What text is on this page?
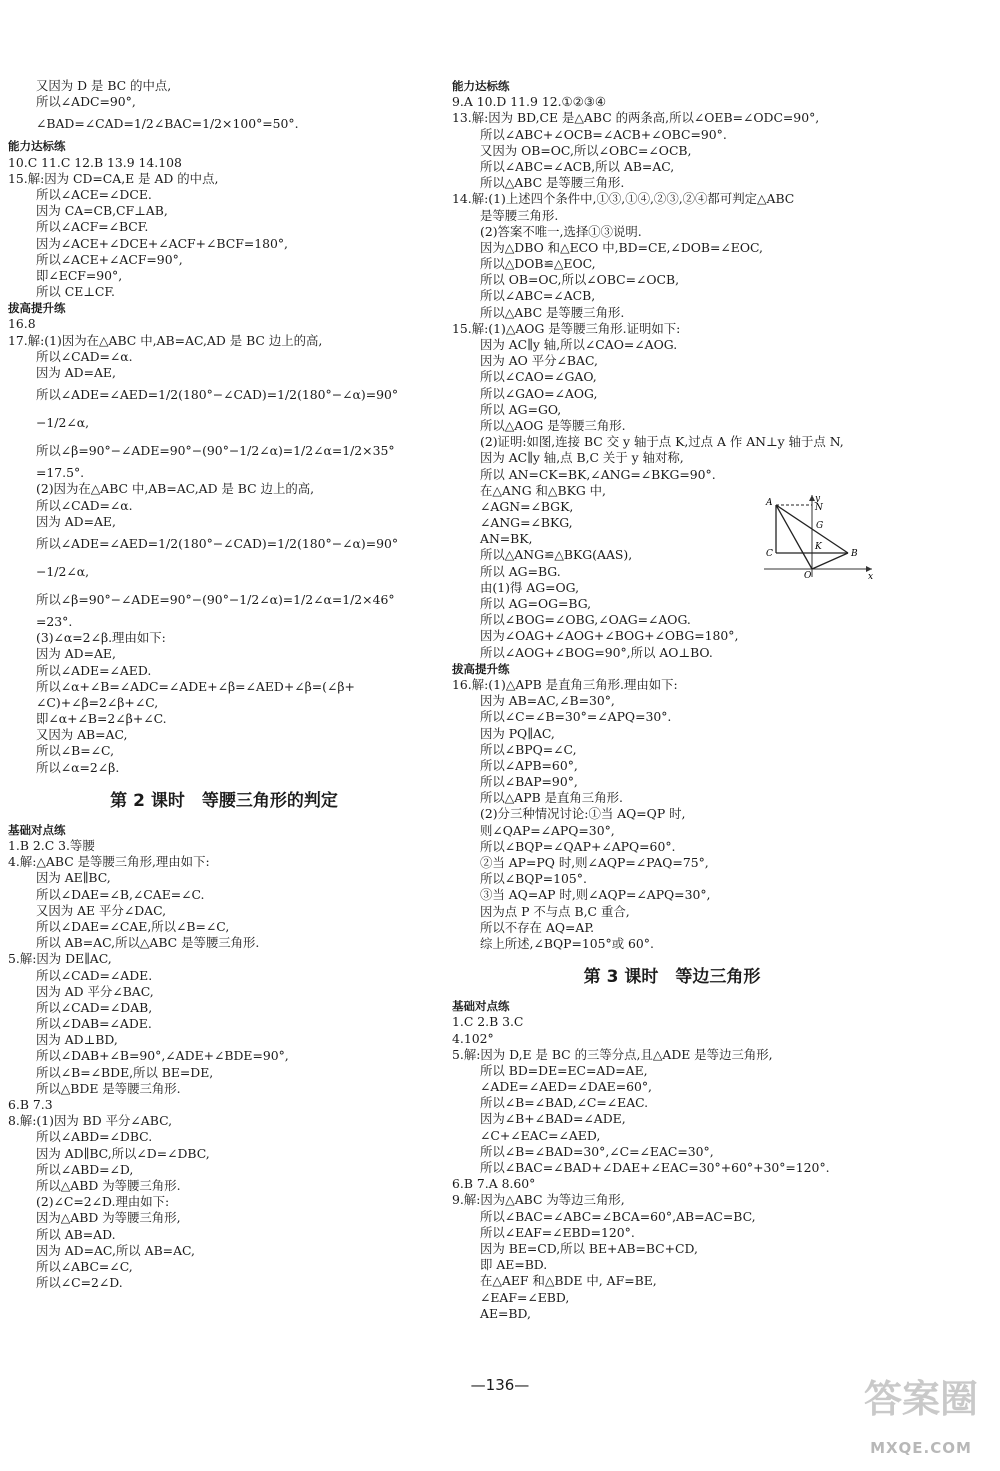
又因为 D 是 BC 的中点,
所以∠ADC=90°,
∠BAD=∠CAD=1/2∠BAC=1/2×100°=50°.
能力达标练
10.C 11.C 12.B 13.9 14.108
15.解:因为 CD=CA,E 是 AD 的中点,
所以∠ACE=∠DCE.
因为 CA=CB,CF⊥AB,
所以∠ACF=∠BCF.
因为∠ACE+∠DCE+∠ACF+∠BCF=180°,
所以∠ACE+∠ACF=90°,
即∠ECF=90°,
所以 CE⊥CF.
拔高提升练
16.8
17.解:(1)因为在△ABC 中,AB=AC,AD 是 BC 边上的高,
所以∠CAD=∠α.
因为 AD=AE,
所以∠ADE=∠AED=1/2(180°−∠CAD)=1/2(180°−∠α)=90°
−1/2∠α,
所以∠β=90°−∠ADE=90°−(90°−1/2∠α)=1/2∠α=1/2×35°
=17.5°.
(2)因为在△ABC 中,AB=AC,AD 是 BC 边上的高,
所以∠CAD=∠α.
因为 AD=AE,
所以∠ADE=∠AED=1/2(180°−∠CAD)=1/2(180°−∠α)=90°
−1/2∠α,
所以∠β=90°−∠ADE=90°−(90°−1/2∠α)=1/2∠α=1/2×46°
=23°.
(3)∠α=2∠β.理由如下:
因为 AD=AE,
所以∠ADE=∠AED.
所以∠α+∠B=∠ADC=∠ADE+∠β=∠AED+∠β=(∠β+
∠C)+∠β=2∠β+∠C,
即∠α+∠B=2∠β+∠C.
又因为 AB=AC,
所以∠B=∠C,
所以∠α=2∠β.
第 2 课时　等腰三角形的判定
基础对点练
1.B 2.C 3.等腰
4.解:△ABC 是等腰三角形,理由如下:
因为 AE∥BC,
所以∠DAE=∠B,∠CAE=∠C.
又因为 AE 平分∠DAC,
所以∠DAE=∠CAE,所以∠B=∠C,
所以 AB=AC,所以△ABC 是等腰三角形.
5.解:因为 DE∥AC,
所以∠CAD=∠ADE.
因为 AD 平分∠BAC,
所以∠CAD=∠DAB,
所以∠DAB=∠ADE.
因为 AD⊥BD,
所以∠DAB+∠B=90°,∠ADE+∠BDE=90°,
所以∠B=∠BDE,所以 BE=DE,
所以△BDE 是等腰三角形.
6.B 7.3
8.解:(1)因为 BD 平分∠ABC,
所以∠ABD=∠DBC.
因为 AD∥BC,所以∠D=∠DBC,
所以∠ABD=∠D,
所以△ABD 为等腰三角形.
(2)∠C=2∠D.理由如下:
因为△ABD 为等腰三角形,
所以 AB=AD.
因为 AD=AC,所以 AB=AC,
所以∠ABC=∠C,
所以∠C=2∠D.
能力达标练
9.A 10.D 11.9 12.①②③④
13.解:因为 BD,CE 是△ABC 的两条高,所以∠OEB=∠ODC=90°,
所以∠ABC+∠OCB=∠ACB+∠OBC=90°.
又因为 OB=OC,所以∠OBC=∠OCB,
所以∠ABC=∠ACB,所以 AB=AC,
所以△ABC 是等腰三角形.
14.解:(1)上述四个条件中,①③,①④,②③,②④都可判定△ABC
是等腰三角形.
(2)答案不唯一,选择①③说明.
因为△DBO 和△ECO 中,BD=CE,∠DOB=∠EOC,
所以△DOB≌△EOC,
所以 OB=OC,所以∠OBC=∠OCB,
所以∠ABC=∠ACB,
所以△ABC 是等腰三角形.
15.解:(1)△AOG 是等腰三角形.证明如下:
因为 AC∥y 轴,所以∠CAO=∠AOG.
因为 AO 平分∠BAC,
所以∠CAO=∠GAO,
所以∠GAO=∠AOG,
所以 AG=GO,
所以△AOG 是等腰三角形.
(2)证明:如图,连接 BC 交 y 轴于点 K,过点 A 作 AN⊥y 轴于点 N,
因为 AC∥y 轴,点 B,C 关于 y 轴对称,
所以 AN=CK=BK,∠ANG=∠BKG=90°.
在△ANG 和△BKG 中,
∠AGN=∠BGK,
∠ANG=∠BKG,
AN=BK,
所以△ANG≌△BKG(AAS),
所以 AG=BG.
由(1)得 AG=OG,
所以 AG=OG=BG,
所以∠BOG=∠OBG,∠OAG=∠AOG.
因为∠OAG+∠AOG+∠BOG+∠OBG=180°,
所以∠AOG+∠BOG=90°,所以 AO⊥BO.
拔高提升练
16.解:(1)△APB 是直角三角形.理由如下:
因为 AB=AC,∠B=30°,
所以∠C=∠B=30°=∠APQ=30°.
因为 PQ∥AC,
所以∠BPQ=∠C,
所以∠APB=60°,
所以∠BAP=90°,
所以△APB 是直角三角形.
(2)分三种情况讨论:①当 AQ=QP 时,
则∠QAP=∠APQ=30°,
所以∠BQP=∠QAP+∠APQ=60°.
②当 AP=PQ 时,则∠AQP=∠PAQ=75°,
所以∠BQP=105°.
③当 AQ=AP 时,则∠AQP=∠APQ=30°,
因为点 P 不与点 B,C 重合,
所以不存在 AQ=AP.
综上所述,∠BQP=105°或 60°.
第 3 课时　等边三角形
基础对点练
1.C 2.B 3.C
4.102°
5.解:因为 D,E 是 BC 的三等分点,且△ADE 是等边三角形,
所以 BD=DE=EC=AD=AE,
∠ADE=∠AED=∠DAE=60°,
所以∠B=∠BAD,∠C=∠EAC.
因为∠B+∠BAD=∠ADE,
∠C+∠EAC=∠AED,
所以∠B=∠BAD=30°,∠C=∠EAC=30°,
所以∠BAC=∠BAD+∠DAE+∠EAC=30°+60°+30°=120°.
6.B 7.A 8.60°
9.解:因为△ABC 为等边三角形,
所以∠BAC=∠ABC=∠BCA=60°,AB=AC=BC,
所以∠EAF=∠EBD=120°.
因为 BE=CD,所以 BE+AB=BC+CD,
即 AE=BD.
在△AEF 和△BDE 中, AF=BE,
∠EAF=∠EBD,
AE=BD,
A	y
N
G
K
C	B
O	x
—136—	答案圈
MXQE.COM
